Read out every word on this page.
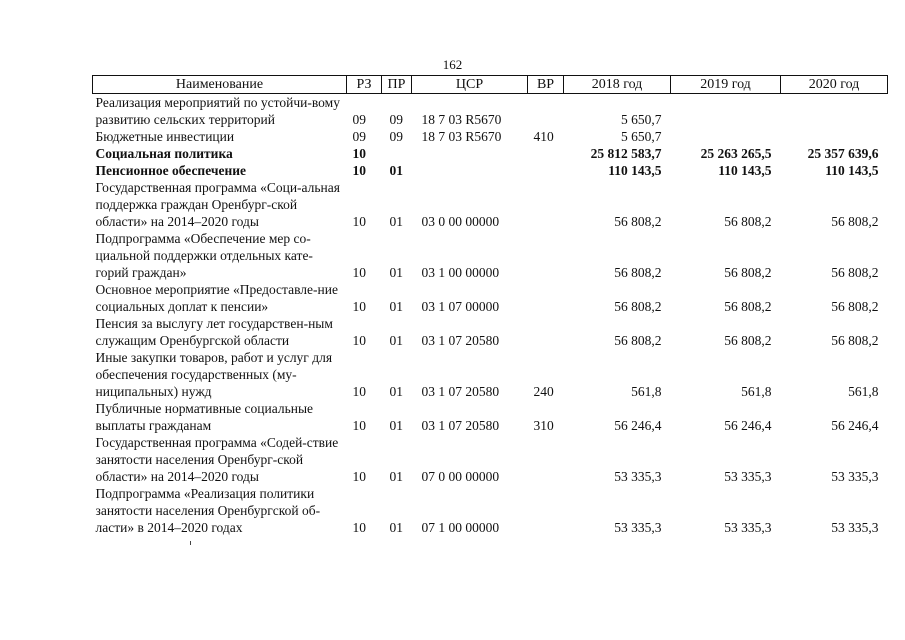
162
Наименование	РЗ	ПР	ЦСР	ВР	2018 год	2019 год	2020 год
Реализация мероприятий по устойчи-вому развитию сельских территорий	09	09	18 7 03 R5670		5 650,7		
Бюджетные инвестиции	09	09	18 7 03 R5670	410	5 650,7		
Социальная политика	10				25 812 583,7	25 263 265,5	25 357 639,6
Пенсионное обеспечение	10	01			110 143,5	110 143,5	110 143,5
Государственная программа «Соци-альная поддержка граждан Оренбург-ской области» на 2014–2020 годы	10	01	03 0 00 00000		56 808,2	56 808,2	56 808,2
Подпрограмма «Обеспечение мер со-циальной поддержки отдельных кате-горий граждан»	10	01	03 1 00 00000		56 808,2	56 808,2	56 808,2
Основное мероприятие «Предоставле-ние социальных доплат к пенсии»	10	01	03 1 07 00000		56 808,2	56 808,2	56 808,2
Пенсия за выслугу лет государствен-ным служащим Оренбургской области	10	01	03 1 07 20580		56 808,2	56 808,2	56 808,2
Иные закупки товаров, работ и услуг для обеспечения государственных (му-ниципальных) нужд	10	01	03 1 07 20580	240	561,8	561,8	561,8
Публичные нормативные социальные выплаты гражданам	10	01	03 1 07 20580	310	56 246,4	56 246,4	56 246,4
Государственная программа «Содей-ствие занятости населения Оренбург-ской области» на 2014–2020 годы	10	01	07 0 00 00000		53 335,3	53 335,3	53 335,3
Подпрограмма «Реализация политики занятости населения Оренбургской об-ласти» в 2014–2020 годах	10	01	07 1 00 00000		53 335,3	53 335,3	53 335,3
